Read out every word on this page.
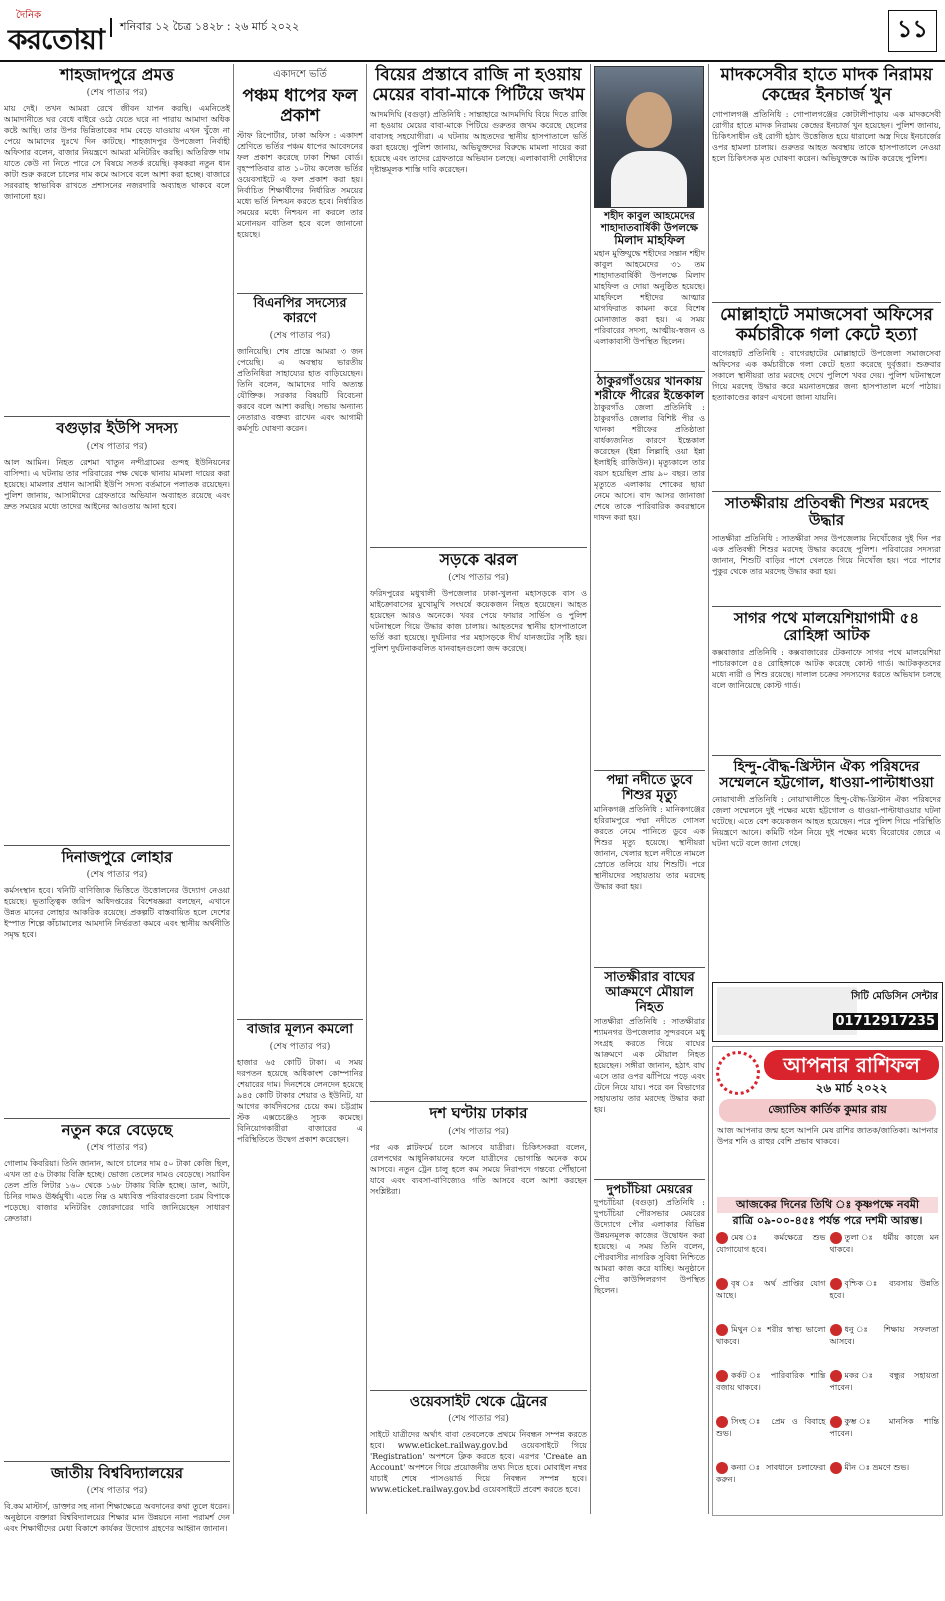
দৈনিক
করতোয়া	শনিবার ১২ চৈত্র ১৪২৮ : ২৬ মার্চ ২০২২	১১
শাহজাদপুরে প্রমত্ত
(শেষ পাতার পর)
মায় দেই। তখন আমরা রেখে জীবন যাপন করছি। এমনিতেই আমাদানীতে ঘর বেধে বাইরে ওঠে যেতে ঘরে না পারায় আমাদা অধিক কষ্টে আছি। তার উপর ভিন্নিতাকের দাম বেড়ে যাওয়ায় এখন খুঁজে না পেয়ে আমাদের দুঃখে দিন কাটছে। শাহজাদপুর উপজেলা নির্বাহী অফিসার বলেন, বাজার নিয়ন্ত্রণে আমরা মনিটরিং করছি। অতিরিক্ত দাম যাতে কেউ না নিতে পারে সে বিষয়ে সতর্ক রয়েছি। কৃষকরা নতুন ধান কাটা শুরু করলে চালের দাম কমে আসবে বলে আশা করা হচ্ছে। বাজারে সরবরাহ স্বাভাবিক রাখতে প্রশাসনের নজরদারি অব্যাহত থাকবে বলে জানানো হয়।
বগুড়ার ইউপি সদস্য
(শেষ পাতার পর)
আল আমিন। নিহত রেশমা খাতুন নন্দীগ্রামের গুন্দহ ইউনিয়নের বাসিন্দা। এ ঘটনায় তার পরিবারের পক্ষ থেকে থানায় মামলা দায়ের করা হয়েছে। মামলার প্রধান আসামী ইউপি সদস্য বর্তমানে পলাতক রয়েছেন। পুলিশ জানায়, আসামীদের গ্রেফতারে অভিযান অব্যাহত রয়েছে এবং দ্রুত সময়ের মধ্যে তাদের আইনের আওতায় আনা হবে।
দিনাজপুরে লোহার
(শেষ পাতার পর)
কর্মসংস্থান হবে। খনিটি বাণিজ্যিক ভিত্তিতে উত্তোলনের উদ্যোগ নেওয়া হয়েছে। ভূতাত্ত্বিক জরিপ অধিদপ্তরের বিশেষজ্ঞরা বলছেন, এখানে উন্নত মানের লোহার আকরিক রয়েছে। প্রকল্পটি বাস্তবায়িত হলে দেশের ইস্পাত শিল্পে কাঁচামালের আমদানি নির্ভরতা কমবে এবং স্থানীয় অর্থনীতি সমৃদ্ধ হবে।
নতুন করে বেড়েছে
(শেষ পাতার পর)
গোলাম কিবরিয়া। তিনি জানান, আগে চালের দাম ৫০ টাকা কেজি ছিল, এখন তা ৫৬ টাকায় বিক্রি হচ্ছে। ভোজ্য তেলের দামও বেড়েছে। সয়াবিন তেল প্রতি লিটার ১৬০ থেকে ১৬৮ টাকায় বিক্রি হচ্ছে। ডাল, আটা, চিনির দামও ঊর্ধ্বমুখী। এতে নিম্ন ও মধ্যবিত্ত পরিবারগুলো চরম বিপাকে পড়েছে। বাজার মনিটরিং জোরদারের দাবি জানিয়েছেন সাধারণ ক্রেতারা।
জাতীয় বিশ্ববিদ্যালয়ের
(শেষ পাতার পর)
বি.কম মাস্টার্স, ডাক্তার সহ নানা শিক্ষাক্ষেত্রে অবদানের কথা তুলে ধরেন। অনুষ্ঠানে বক্তারা বিশ্ববিদ্যালয়ের শিক্ষার মান উন্নয়নে নানা পরামর্শ দেন এবং শিক্ষার্থীদের মেধা বিকাশে কার্যকর উদ্যোগ গ্রহণের আহ্বান জানান।
একাদশে ভর্তি
পঞ্চম ধাপের ফল প্রকাশ
স্টাফ রিপোর্টার, ঢাকা অফিস : একাদশ শ্রেণিতে ভর্তির পঞ্চম ধাপের আবেদনের ফল প্রকাশ করেছে ঢাকা শিক্ষা বোর্ড। বৃহস্পতিবার রাত ১০টায় কলেজ ভর্তির ওয়েবসাইটে এ ফল প্রকাশ করা হয়। নির্বাচিত শিক্ষার্থীদের নির্ধারিত সময়ের মধ্যে ভর্তি নিশ্চয়ন করতে হবে। নির্ধারিত সময়ের মধ্যে নিশ্চয়ন না করলে তার মনোনয়ন বাতিল হবে বলে জানানো হয়েছে।
বিএনপির সদস্যের কারণে
(শেষ পাতার পর)
জানিয়েছি। শেষ প্রান্তে আমরা ৩ জন পেয়েছি। এ অবস্থায় ভারতীয় প্রতিনিধিরা সাহায্যের হাত বাড়িয়েছেন। তিনি বলেন, আমাদের দাবি অত্যন্ত যৌক্তিক। সরকার বিষয়টি বিবেচনা করবে বলে আশা করছি। সভায় অন্যান্য নেতারাও বক্তব্য রাখেন এবং আগামী কর্মসূচি ঘোষণা করেন।
বাজার মূল্যন কমলো
(শেষ পাতার পর)
হাজার ৬৫ কোটি টাকা। এ সময় দরপতন হয়েছে অধিকাংশ কোম্পানির শেয়ারের দাম। দিনশেষে লেনদেন হয়েছে ৯৪৫ কোটি টাকার শেয়ার ও ইউনিট, যা আগের কার্যদিবসের চেয়ে কম। চট্টগ্রাম স্টক এক্সচেঞ্জেও সূচক কমেছে। বিনিয়োগকারীরা বাজারের এ পরিস্থিতিতে উদ্বেগ প্রকাশ করেছেন।
বিয়ের প্রস্তাবে রাজি না হওয়ায় মেয়ের বাবা-মাকে পিটিয়ে জখম
আদমদিঘি (বগুড়া) প্রতিনিধি : সান্তাহারে আদমদিঘি বিয়ে দিতে রাজি না হওয়ায় মেয়ের বাবা-মাকে পিটিয়ে গুরুতর জখম করেছে ছেলের বাবাসহ সহযোগীরা। এ ঘটনায় আহতদের স্থানীয় হাসপাতালে ভর্তি করা হয়েছে। পুলিশ জানায়, অভিযুক্তদের বিরুদ্ধে মামলা দায়ের করা হয়েছে এবং তাদের গ্রেফতারে অভিযান চলছে। এলাকাবাসী দোষীদের দৃষ্টান্তমূলক শাস্তি দাবি করেছেন।
সড়কে ঝরল
(শেষ পাতার পর)
ফরিদপুরের মধুখালী উপজেলার ঢাকা-খুলনা মহাসড়কে বাস ও মাইক্রোবাসের মুখোমুখি সংঘর্ষে কয়েকজন নিহত হয়েছেন। আহত হয়েছেন আরও অনেকে। খবর পেয়ে ফায়ার সার্ভিস ও পুলিশ ঘটনাস্থলে গিয়ে উদ্ধার কাজ চালায়। আহতদের স্থানীয় হাসপাতালে ভর্তি করা হয়েছে। দুর্ঘটনার পর মহাসড়কে দীর্ঘ যানজটের সৃষ্টি হয়। পুলিশ দুর্ঘটনাকবলিত যানবাহনগুলো জব্দ করেছে।
দশ ঘণ্টায় ঢাকার
(শেষ পাতার পর)
পর এক প্লাটফর্মে চলে আসবে যাত্রীরা। চিকিৎসকরা বলেন, রেলপথের আধুনিকায়নের ফলে যাত্রীদের ভোগান্তি অনেক কমে আসবে। নতুন ট্রেন চালু হলে কম সময়ে নিরাপদে গন্তব্যে পৌঁছানো যাবে এবং ব্যবসা-বাণিজ্যেও গতি আসবে বলে আশা করছেন সংশ্লিষ্টরা।
ওয়েবসাইট থেকে ট্রেনের
(শেষ পাতার পর)
সাইটে যাত্রীদের অর্থাৎ বাবা তেবলেকে প্রথমে নিবন্ধন সম্পন্ন করতে হবে। www.eticket.railway.gov.bd ওয়েবসাইটে গিয়ে 'Registration' অপশনে ক্লিক করতে হবে। এরপর 'Create an Account' অপশনে গিয়ে প্রয়োজনীয় তথ্য দিতে হবে। মোবাইল নম্বর যাচাই শেষে পাসওয়ার্ড দিয়ে নিবন্ধন সম্পন্ন হবে। www.eticket.railway.gov.bd ওয়েবসাইটে প্রবেশ করতে হবে।
শহীদ কাবুল আহমেদের শাহাদাতবার্ষিকী উপলক্ষে
মিলাদ মাহফিল
মহান মুক্তিযুদ্ধে শহীদের সন্তান শহীদ কাবুল আহমেদের ৩১ তম শাহাদাতবার্ষিকী উপলক্ষে মিলাদ মাহফিল ও দোয়া অনুষ্ঠিত হয়েছে। মাহফিলে শহীদের আত্মার মাগফিরাত কামনা করে বিশেষ মোনাজাত করা হয়। এ সময় পরিবারের সদস্য, আত্মীয়-স্বজন ও এলাকাবাসী উপস্থিত ছিলেন।
ঠাকুরগাঁওয়ের খানকায় শরীফে পীরের ইন্তেকাল
ঠাকুরগাঁও জেলা প্রতিনিধি : ঠাকুরগাঁও জেলার বিশিষ্ট পীর ও খানকা শরীফের প্রতিষ্ঠাতা বার্ধক্যজনিত কারণে ইন্তেকাল করেছেন (ইন্না লিল্লাহি ওয়া ইন্না ইলাইহি রাজিউন)। মৃত্যুকালে তার বয়স হয়েছিল প্রায় ৯০ বছর। তার মৃত্যুতে এলাকায় শোকের ছায়া নেমে আসে। বাদ আসর জানাজা শেষে তাকে পারিবারিক কবরস্থানে দাফন করা হয়।
পদ্মা নদীতে ডুবে শিশুর মৃত্যু
মানিকগঞ্জ প্রতিনিধি : মানিকগঞ্জের হরিরামপুরে পদ্মা নদীতে গোসল করতে নেমে পানিতে ডুবে এক শিশুর মৃত্যু হয়েছে। স্থানীয়রা জানান, খেলার ছলে নদীতে নামলে স্রোতে তলিয়ে যায় শিশুটি। পরে স্থানীয়দের সহায়তায় তার মরদেহ উদ্ধার করা হয়।
সাতক্ষীরার বাঘের আক্রমণে মৌয়াল নিহত
সাতক্ষীরা প্রতিনিধি : সাতক্ষীরার শ্যামনগর উপজেলার সুন্দরবনে মধু সংগ্রহ করতে গিয়ে বাঘের আক্রমণে এক মৌয়াল নিহত হয়েছেন। সঙ্গীরা জানান, হঠাৎ বাঘ এসে তার ওপর ঝাঁপিয়ে পড়ে এবং টেনে নিয়ে যায়। পরে বন বিভাগের সহায়তায় তার মরদেহ উদ্ধার করা হয়।
দুপচাঁচিয়া মেয়রের
দুপচাঁচিয়া (বগুড়া) প্রতিনিধি : দুপচাঁচিয়া পৌরসভার মেয়রের উদ্যোগে পৌর এলাকার বিভিন্ন উন্নয়নমূলক কাজের উদ্বোধন করা হয়েছে। এ সময় তিনি বলেন, পৌরবাসীর নাগরিক সুবিধা নিশ্চিতে আমরা কাজ করে যাচ্ছি। অনুষ্ঠানে পৌর কাউন্সিলরগণ উপস্থিত ছিলেন।
মাদকসেবীর হাতে মাদক নিরাময় কেন্দ্রের ইনচার্জ খুন
গোপালগঞ্জ প্রতিনিধি : গোপালগঞ্জের কোটালীপাড়ায় এক মাদকসেবী রোগীর হাতে মাদক নিরাময় কেন্দ্রের ইনচার্জ খুন হয়েছেন। পুলিশ জানায়, চিকিৎসাধীন ওই রোগী হঠাৎ উত্তেজিত হয়ে ধারালো অস্ত্র দিয়ে ইনচার্জের ওপর হামলা চালায়। গুরুতর আহত অবস্থায় তাকে হাসপাতালে নেওয়া হলে চিকিৎসক মৃত ঘোষণা করেন। অভিযুক্তকে আটক করেছে পুলিশ।
মোল্লাহাটে সমাজসেবা অফিসের কর্মচারীকে গলা কেটে হত্যা
বাগেরহাট প্রতিনিধি : বাগেরহাটের মোল্লাহাটে উপজেলা সমাজসেবা অফিসের এক কর্মচারীকে গলা কেটে হত্যা করেছে দুর্বৃত্তরা। শুক্রবার সকালে স্থানীয়রা তার মরদেহ দেখে পুলিশে খবর দেয়। পুলিশ ঘটনাস্থলে গিয়ে মরদেহ উদ্ধার করে ময়নাতদন্তের জন্য হাসপাতাল মর্গে পাঠায়। হত্যাকাণ্ডের কারণ এখনো জানা যায়নি।
সাতক্ষীরায় প্রতিবন্ধী শিশুর মরদেহ উদ্ধার
সাতক্ষীরা প্রতিনিধি : সাতক্ষীরা সদর উপজেলায় নিখোঁজের দুই দিন পর এক প্রতিবন্ধী শিশুর মরদেহ উদ্ধার করেছে পুলিশ। পরিবারের সদস্যরা জানান, শিশুটি বাড়ির পাশে খেলতে গিয়ে নিখোঁজ হয়। পরে পাশের পুকুর থেকে তার মরদেহ উদ্ধার করা হয়।
সাগর পথে মালয়েশিয়াগামী ৫৪ রোহিঙ্গা আটক
কক্সবাজার প্রতিনিধি : কক্সবাজারের টেকনাফে সাগর পথে মালয়েশিয়া পাচারকালে ৫৪ রোহিঙ্গাকে আটক করেছে কোস্ট গার্ড। আটককৃতদের মধ্যে নারী ও শিশু রয়েছে। দালাল চক্রের সদস্যদের ধরতে অভিযান চলছে বলে জানিয়েছে কোস্ট গার্ড।
হিন্দু-বৌদ্ধ-খ্রিস্টান ঐক্য পরিষদের সম্মেলনে হট্টগোল, ধাওয়া-পাল্টাধাওয়া
নোয়াখালী প্রতিনিধি : নোয়াখালীতে হিন্দু-বৌদ্ধ-খ্রিস্টান ঐক্য পরিষদের জেলা সম্মেলনে দুই পক্ষের মধ্যে হট্টগোল ও ধাওয়া-পাল্টাধাওয়ার ঘটনা ঘটেছে। এতে বেশ কয়েকজন আহত হয়েছেন। পরে পুলিশ গিয়ে পরিস্থিতি নিয়ন্ত্রণে আনে। কমিটি গঠন নিয়ে দুই পক্ষের মধ্যে বিরোধের জেরে এ ঘটনা ঘটে বলে জানা গেছে।
সিটি মেডিসিন সেন্টার
01712917235
আপনার রাশিফল
২৬ মার্চ ২০২২
জ্যোতিষ কার্তিক কুমার রায়
আজ আপনার জন্ম হলে আপনি মেষ রাশির জাতক/জাতিকা। আপনার উপর শনি ও রাহুর বেশি প্রভাব থাকবে।
আজকের দিনের তিথি ঃ কৃষ্ণপক্ষে নবমী
রাত্রি ০৯-০০-৪৫ঃ পর্যন্ত পরে দশমী আরম্ভ।
মেষ ঃ কর্মক্ষেত্রে শুভ যোগাযোগ হবে।
বৃষ ঃ অর্থ প্রাপ্তির যোগ আছে।
মিথুন ঃ শরীর স্বাস্থ্য ভালো থাকবে।
কর্কট ঃ পারিবারিক শান্তি বজায় থাকবে।
সিংহ ঃ প্রেম ও বিবাহে শুভ।
কন্যা ঃ সাবধানে চলাফেরা করুন।
তুলা ঃ ধর্মীয় কাজে মন থাকবে।
বৃশ্চিক ঃ ব্যবসায় উন্নতি হবে।
ধনু ঃ শিক্ষায় সফলতা আসবে।
মকর ঃ বন্ধুর সহায়তা পাবেন।
কুম্ভ ঃ মানসিক শান্তি পাবেন।
মীন ঃ ভ্রমণে শুভ।
